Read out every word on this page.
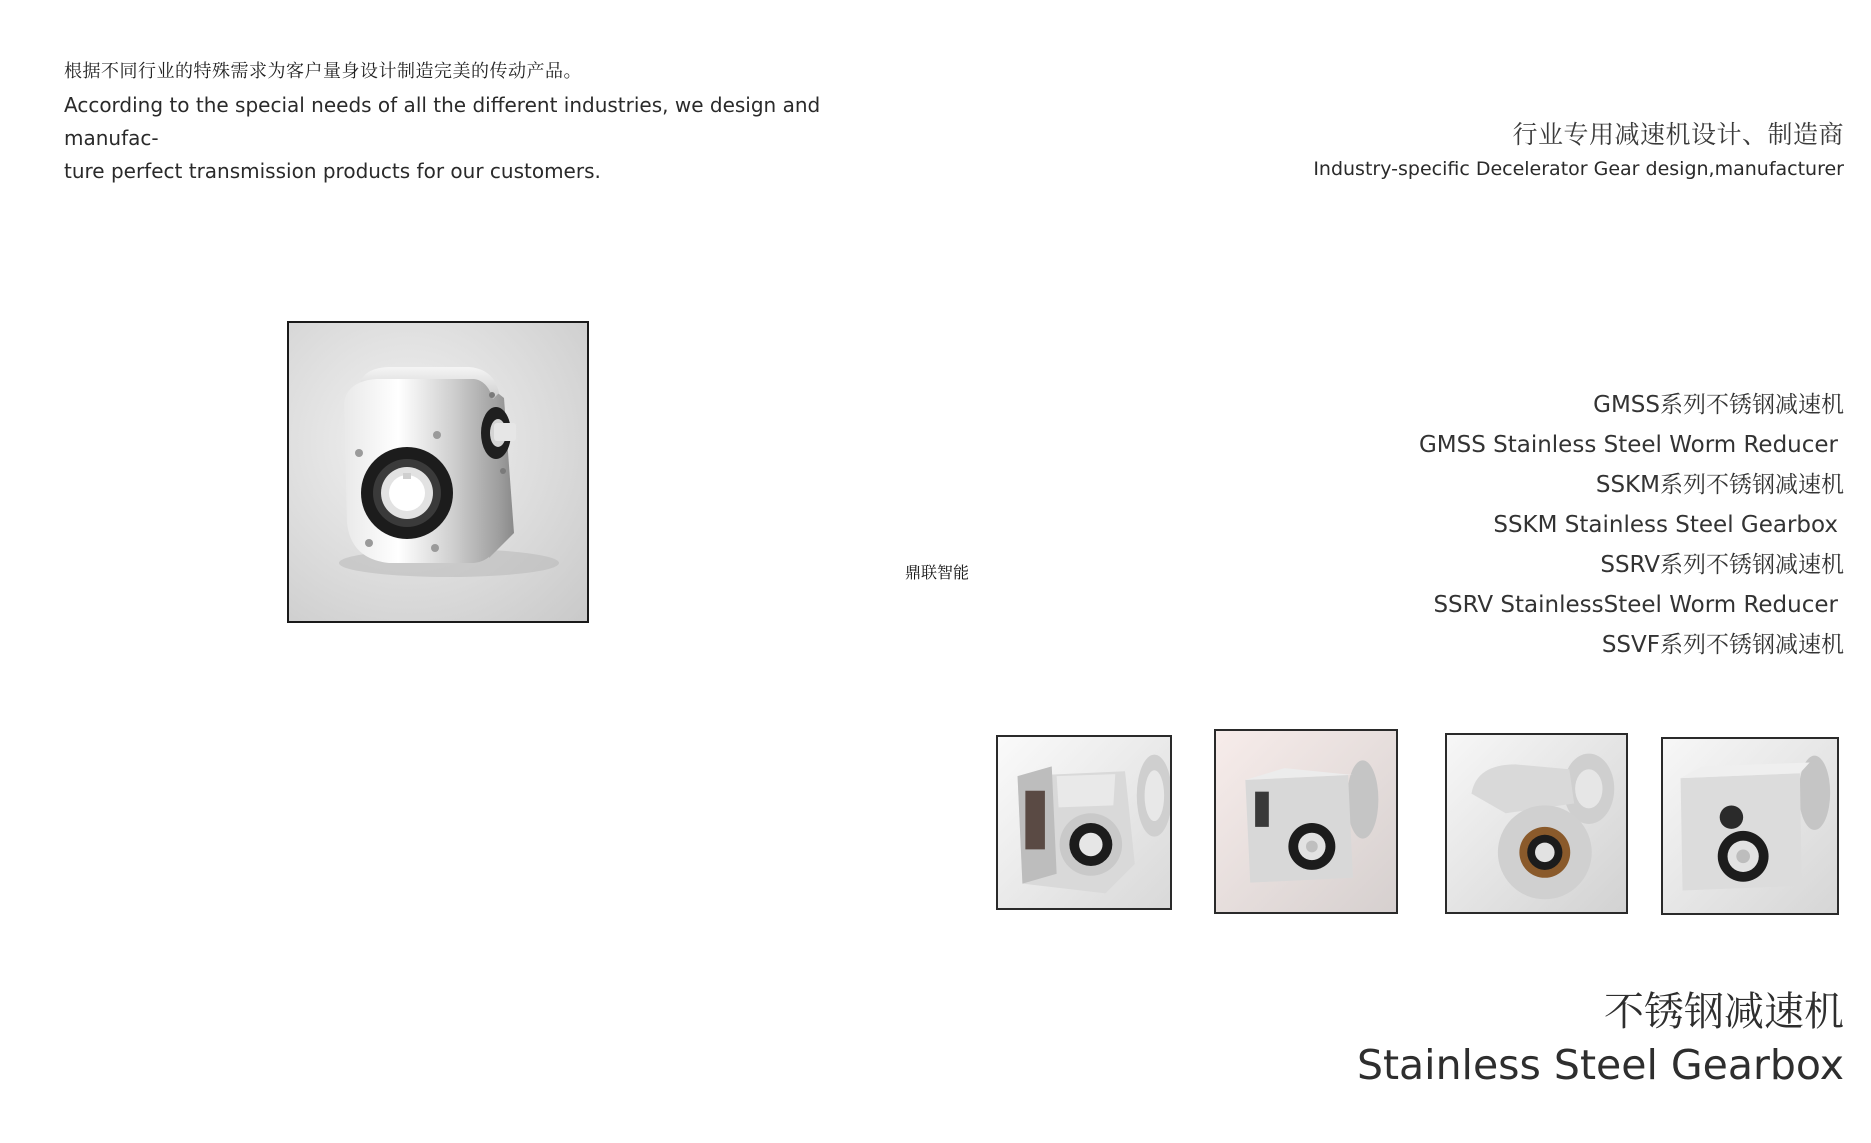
根据不同行业的特殊需求为客户量身设计制造完美的传动产品。
According to the special needs of all the different industries, we design and manufac-
ture perfect transmission products for our customers.
行业专用减速机设计、制造商
Industry-specific Decelerator Gear design,manufacturer
鼎联智能
GMSS系列不锈钢减速机
GMSS Stainless Steel Worm Reducer
SSKM系列不锈钢减速机
SSKM Stainless Steel Gearbox
SSRV系列不锈钢减速机
SSRV StainlessSteel Worm Reducer
SSVF系列不锈钢减速机
不锈钢减速机
Stainless Steel Gearbox
